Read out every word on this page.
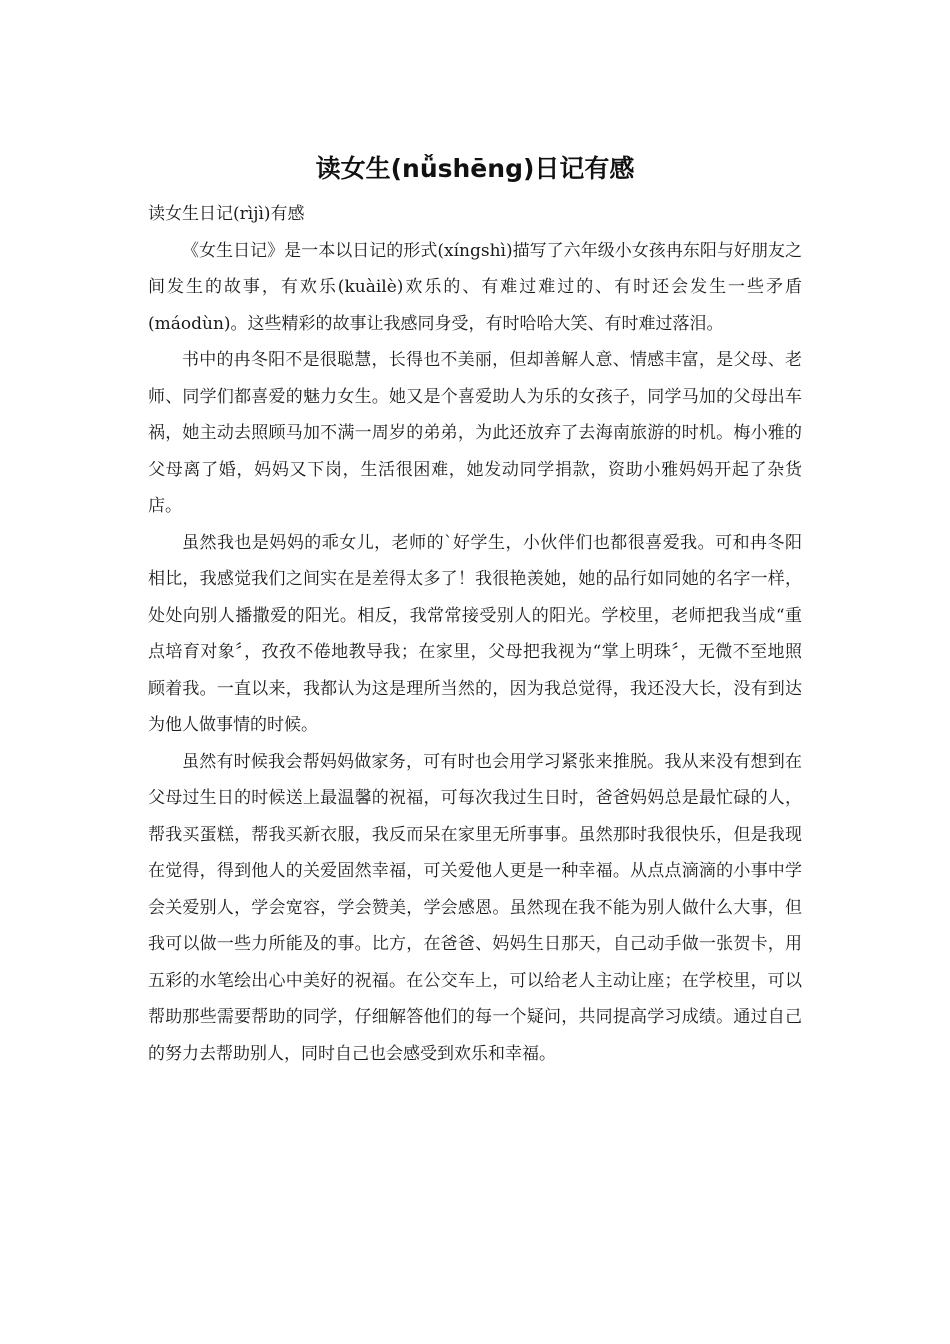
读女生(nǚshēng)日记有感

读女生日记(rìjì)有感

《女生日记》是一本以日记的形式(xíngshì)描写了六年级小女孩冉东阳与好朋友之间发生的故事，有欢乐(kuàilè)欢乐的、有难过难过的、有时还会发生一些矛盾(máodùn)。这些精彩的故事让我感同身受，有时哈哈大笑、有时难过落泪。

书中的冉冬阳不是很聪慧，长得也不美丽，但却善解人意、情感丰富，是父母、老师、同学们都喜爱的魅力女生。她又是个喜爱助人为乐的女孩子，同学马加的父母出车祸，她主动去照顾马加不满一周岁的弟弟，为此还放弃了去海南旅游的时机。梅小雅的父母离了婚，妈妈又下岗，生活很困难，她发动同学捐款，资助小雅妈妈开起了杂货店。

虽然我也是妈妈的乖女儿，老师的`好学生，小伙伴们也都很喜爱我。可和冉冬阳相比，我感觉我们之间实在是差得太多了！我很艳羡她，她的品行如同她的名字一样，处处向别人播撒爱的阳光。相反，我常常接受别人的阳光。学校里，老师把我当成“重点培育对象〞，孜孜不倦地教导我；在家里，父母把我视为“掌上明珠〞，无微不至地照顾着我。一直以来，我都认为这是理所当然的，因为我总觉得，我还没大长，没有到达为他人做事情的时候。

虽然有时候我会帮妈妈做家务，可有时也会用学习紧张来推脱。我从来没有想到在父母过生日的时候送上最温馨的祝福，可每次我过生日时，爸爸妈妈总是最忙碌的人，帮我买蛋糕，帮我买新衣服，我反而呆在家里无所事事。虽然那时我很快乐，但是我现在觉得，得到他人的关爱固然幸福，可关爱他人更是一种幸福。从点点滴滴的小事中学会关爱别人，学会宽容，学会赞美，学会感恩。虽然现在我不能为别人做什么大事，但我可以做一些力所能及的事。比方，在爸爸、妈妈生日那天，自己动手做一张贺卡，用五彩的水笔绘出心中美好的祝福。在公交车上，可以给老人主动让座；在学校里，可以帮助那些需要帮助的同学，仔细解答他们的每一个疑问，共同提高学习成绩。通过自己的努力去帮助别人，同时自己也会感受到欢乐和幸福。
